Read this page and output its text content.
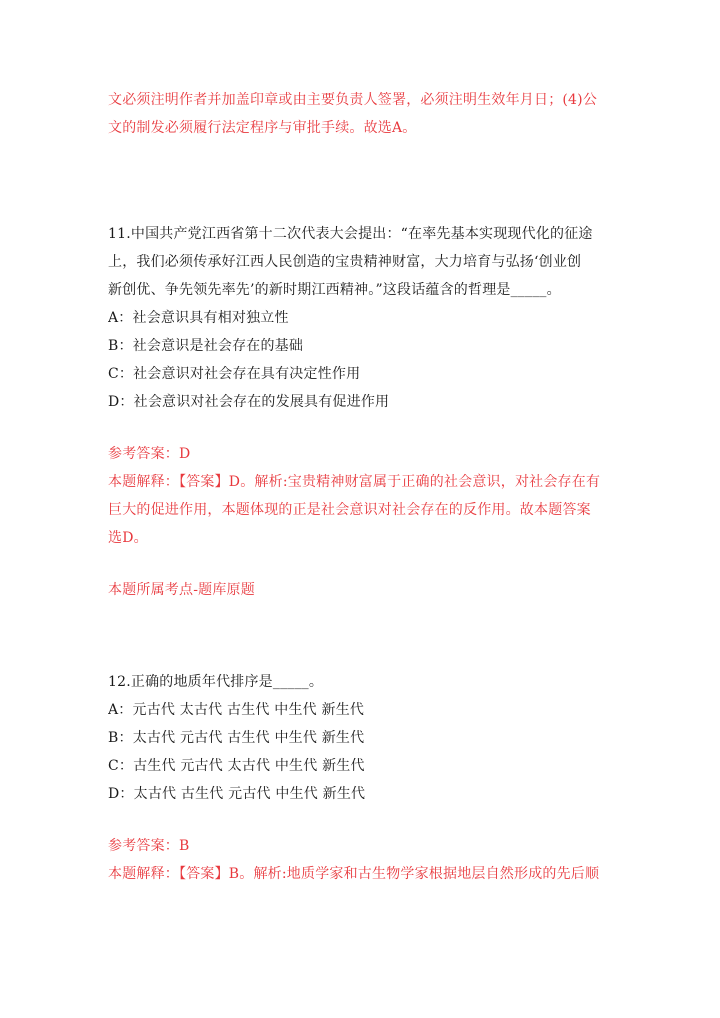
文必须注明作者并加盖印章或由主要负责人签署，必须注明生效年月日；(4)公
文的制发必须履行法定程序与审批手续。故选A。
11.中国共产党江西省第十二次代表大会提出：“在率先基本实现现代化的征途
上，我们必须传承好江西人民创造的宝贵精神财富，大力培育与弘扬‘创业创
新创优、争先领先率先’的新时期江西精神。”这段话蕴含的哲理是_____。
A：社会意识具有相对独立性
B：社会意识是社会存在的基础
C：社会意识对社会存在具有决定性作用
D：社会意识对社会存在的发展具有促进作用
参考答案：D
本题解释：【答案】D。解析:宝贵精神财富属于正确的社会意识，对社会存在有
巨大的促进作用，本题体现的正是社会意识对社会存在的反作用。故本题答案
选D。
本题所属考点-题库原题
12.正确的地质年代排序是_____。
A：元古代 太古代 古生代 中生代 新生代
B：太古代 元古代 古生代 中生代 新生代
C：古生代 元古代 太古代 中生代 新生代
D：太古代 古生代 元古代 中生代 新生代
参考答案：B
本题解释：【答案】B。解析:地质学家和古生物学家根据地层自然形成的先后顺
